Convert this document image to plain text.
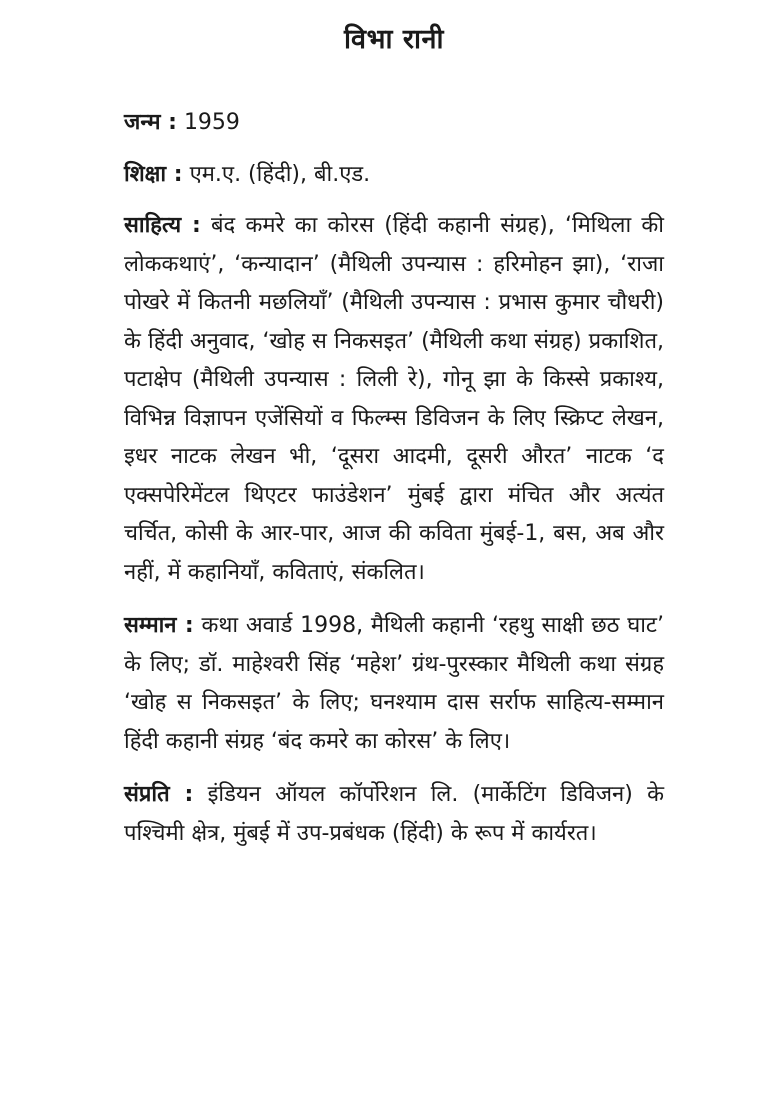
विभा रानी

जन्म : 1959

शिक्षा : एम.ए. (हिंदी), बी.एड.

साहित्य : बंद कमरे का कोरस (हिंदी कहानी संग्रह), ‘मिथिला की लोककथाएं’, ‘कन्यादान’ (मैथिली उपन्यास : हरिमोहन झा), ‘राजा पोखरे में कितनी मछलियाँ’ (मैथिली उपन्यास : प्रभास कुमार चौधरी) के हिंदी अनुवाद, ‘खोह स निकसइत’ (मैथिली कथा संग्रह) प्रकाशित, पटाक्षेप (मैथिली उपन्यास : लिली रे), गोनू झा के किस्से प्रकाश्य, विभिन्न विज्ञापन एजेंसियों व फिल्म्स डिविजन के लिए स्क्रिप्ट लेखन, इधर नाटक लेखन भी, ‘दूसरा आदमी, दूसरी औरत’ नाटक ‘द एक्सपेरिमेंटल थिएटर फाउंडेशन’ मुंबई द्वारा मंचित और अत्यंत चर्चित, कोसी के आर-पार, आज की कविता मुंबई-1, बस, अब और नहीं, में कहानियाँ, कविताएं, संकलित।

सम्मान : कथा अवार्ड 1998, मैथिली कहानी ‘रहथु साक्षी छठ घाट’ के लिए; डॉ. माहेश्वरी सिंह ‘महेश’ ग्रंथ-पुरस्कार मैथिली कथा संग्रह ‘खोह स निकसइत’ के लिए; घनश्याम दास सर्राफ साहित्य-सम्मान हिंदी कहानी संग्रह ‘बंद कमरे का कोरस’ के लिए।

संप्रति : इंडियन ऑयल कॉर्पोरेशन लि. (मार्केटिंग डिविजन) के पश्चिमी क्षेत्र, मुंबई में उप-प्रबंधक (हिंदी) के रूप में कार्यरत।
